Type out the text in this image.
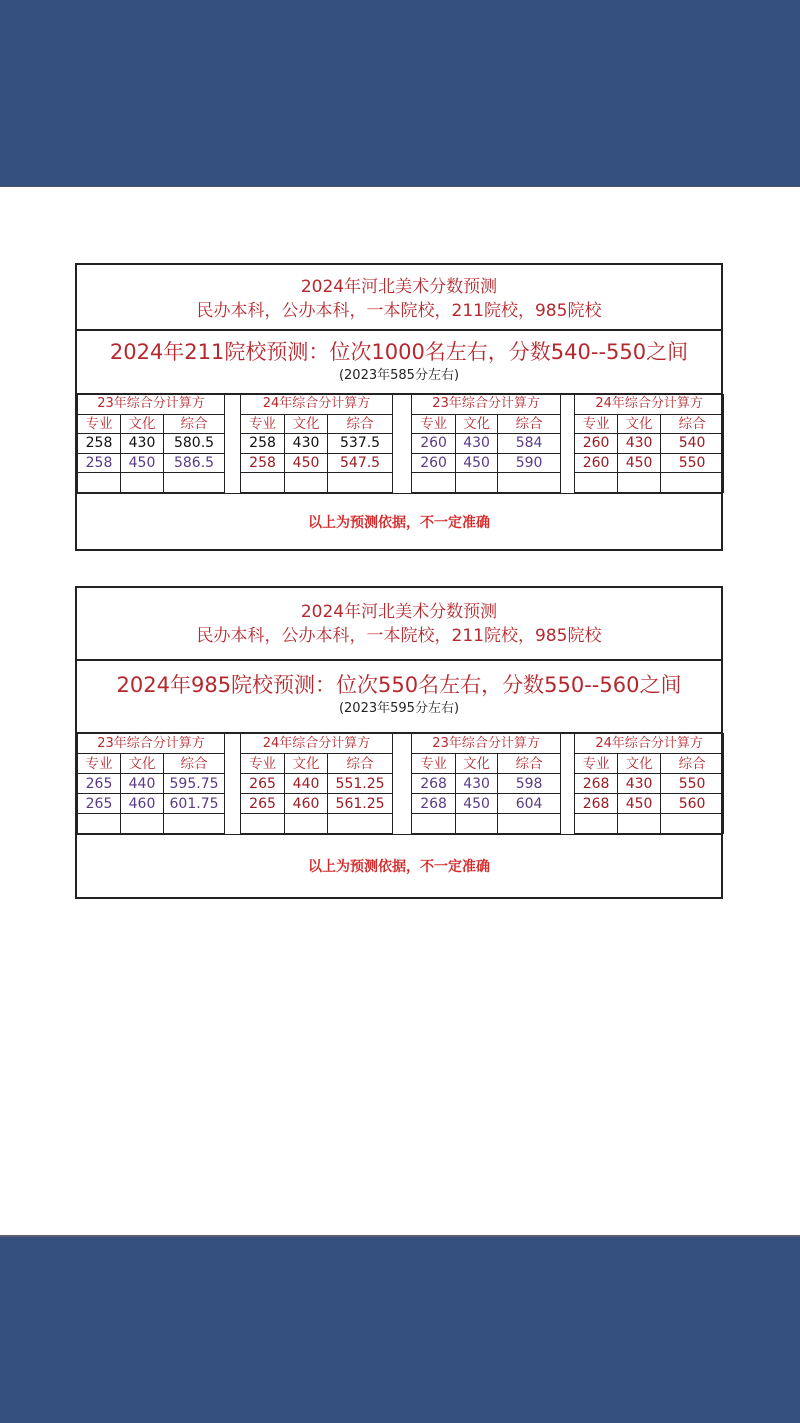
2024年河北美术分数预测
民办本科，公办本科，一本院校，211院校，985院校
2024年211院校预测：位次1000名左右，分数540--550之间
(2023年585分左右)
23年综合分计算方				24年综合分计算方				23年综合分计算方				24年综合分计算方		
专业	文化	综合		专业	文化	综合		专业	文化	综合		专业	文化	综合
258	430	580.5		258	430	537.5		260	430	584		260	430	540
258	450	586.5		258	450	547.5		260	450	590		260	450	550

以上为预测依据，不一定准确
2024年河北美术分数预测
民办本科，公办本科，一本院校，211院校，985院校
2024年985院校预测：位次550名左右，分数550--560之间
(2023年595分左右)
23年综合分计算方				24年综合分计算方				23年综合分计算方				24年综合分计算方		
专业	文化	综合		专业	文化	综合		专业	文化	综合		专业	文化	综合
265	440	595.75		265	440	551.25		268	430	598		268	430	550
265	460	601.75		265	460	561.25		268	450	604		268	450	560

以上为预测依据，不一定准确
